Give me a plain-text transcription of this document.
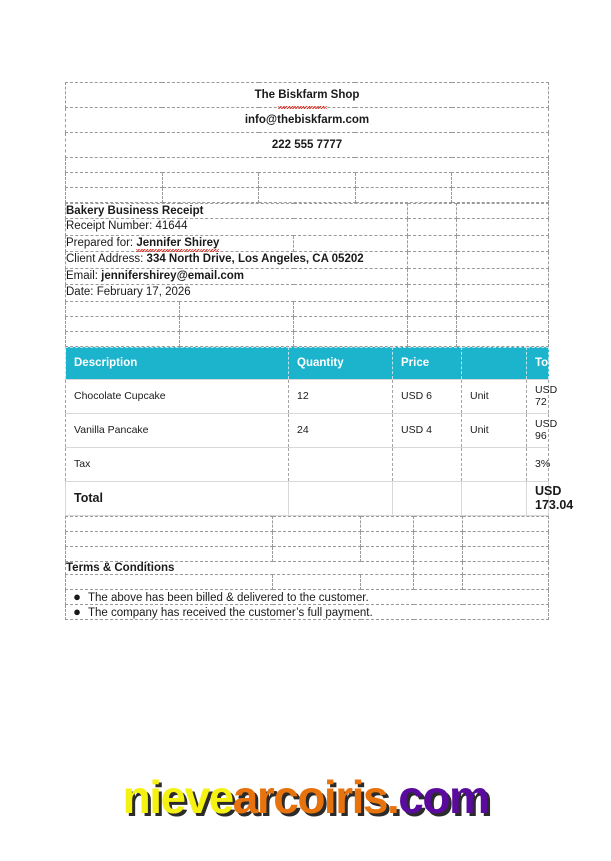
The Biskfarm Shop				
info@thebiskfarm.com				
222 555 7777				

Bakery Business Receipt				
Receipt Number: 41644				
Prepared for: Jennifer Shirey				
Client Address: 334 North Drive, Los Angeles, CA 05202				
Email: jennifershirey@email.com				
Date: February 17, 2026				

Description	Quantity	Price		Total
Chocolate Cupcake	12	USD 6	Unit	USD 72
Vanilla Pancake	24	USD 4	Unit	USD 96
Tax				3%
Total				USD 173.04

Terms & Conditions				

● The above has been billed & delivered to the customer.				

● The company has received the customer’s full payment.				
nievearcoiris.com
